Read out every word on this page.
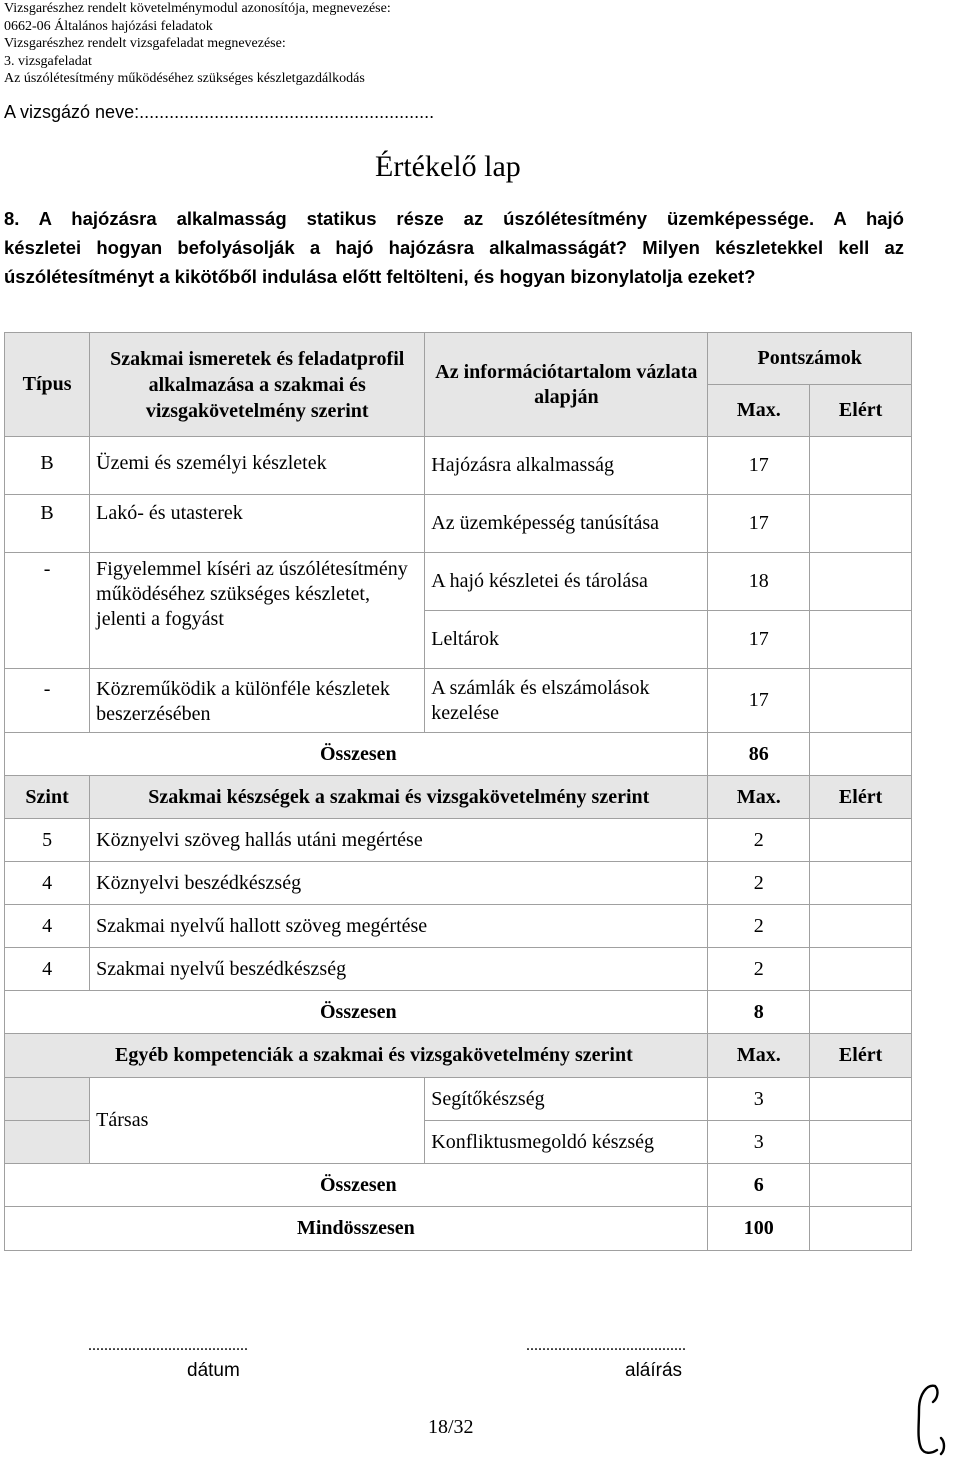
Vizsgarészhez rendelt követelménymodul azonosítója, megnevezése:
0662-06 Általános hajózási feladatok
Vizsgarészhez rendelt vizsgafeladat megnevezése:
3. vizsgafeladat
Az úszólétesítmény működéséhez szükséges készletgazdálkodás
A vizsgázó neve:...........................................................
Értékelő lap
8. A hajózásra alkalmasság statikus része az úszólétesítmény üzemképessége. A hajó
készletei hogyan befolyásolják a hajó hajózásra alkalmasságát? Milyen készletekkel kell az
úszólétesítményt a kikötőből indulása előtt feltölteni, és hogyan bizonylatolja ezeket?
Típus	Szakmai ismeretek és feladatprofil alkalmazása a szakmai és vizsgakövetelmény szerint	Az információtartalom vázlata alapján	Pontszámok	
			Max.	Elért
B	Üzemi és személyi készletek	Hajózásra alkalmasság	17	
B	Lakó- és utasterek	Az üzemképesség tanúsítása	17	
-	Figyelemmel kíséri az úszólétesítmény működéséhez szükséges készletet, jelenti a fogyást	A hajó készletei és tárolása	18	
		Leltárok	17	
-	Közreműködik a különféle készletek beszerzésében	A számlák és elszámolások kezelése	17	
Összesen			86	
Szint	Szakmai készségek a szakmai és vizsgakövetelmény szerint		Max.	Elért
5	Köznyelvi szöveg hallás utáni megértése		2	
4	Köznyelvi beszédkészség		2	
4	Szakmai nyelvű hallott szöveg megértése		2	
4	Szakmai nyelvű beszédkészség		2	
Összesen			8	
Egyéb kompetenciák a szakmai és vizsgakövetelmény szerint			Max.	Elért
	Társas	Segítőkészség	3	
		Konfliktusmegoldó készség	3	
Összesen			6	
Mindösszesen			100	
........................................	........................................
dátum	aláírás
18/32
